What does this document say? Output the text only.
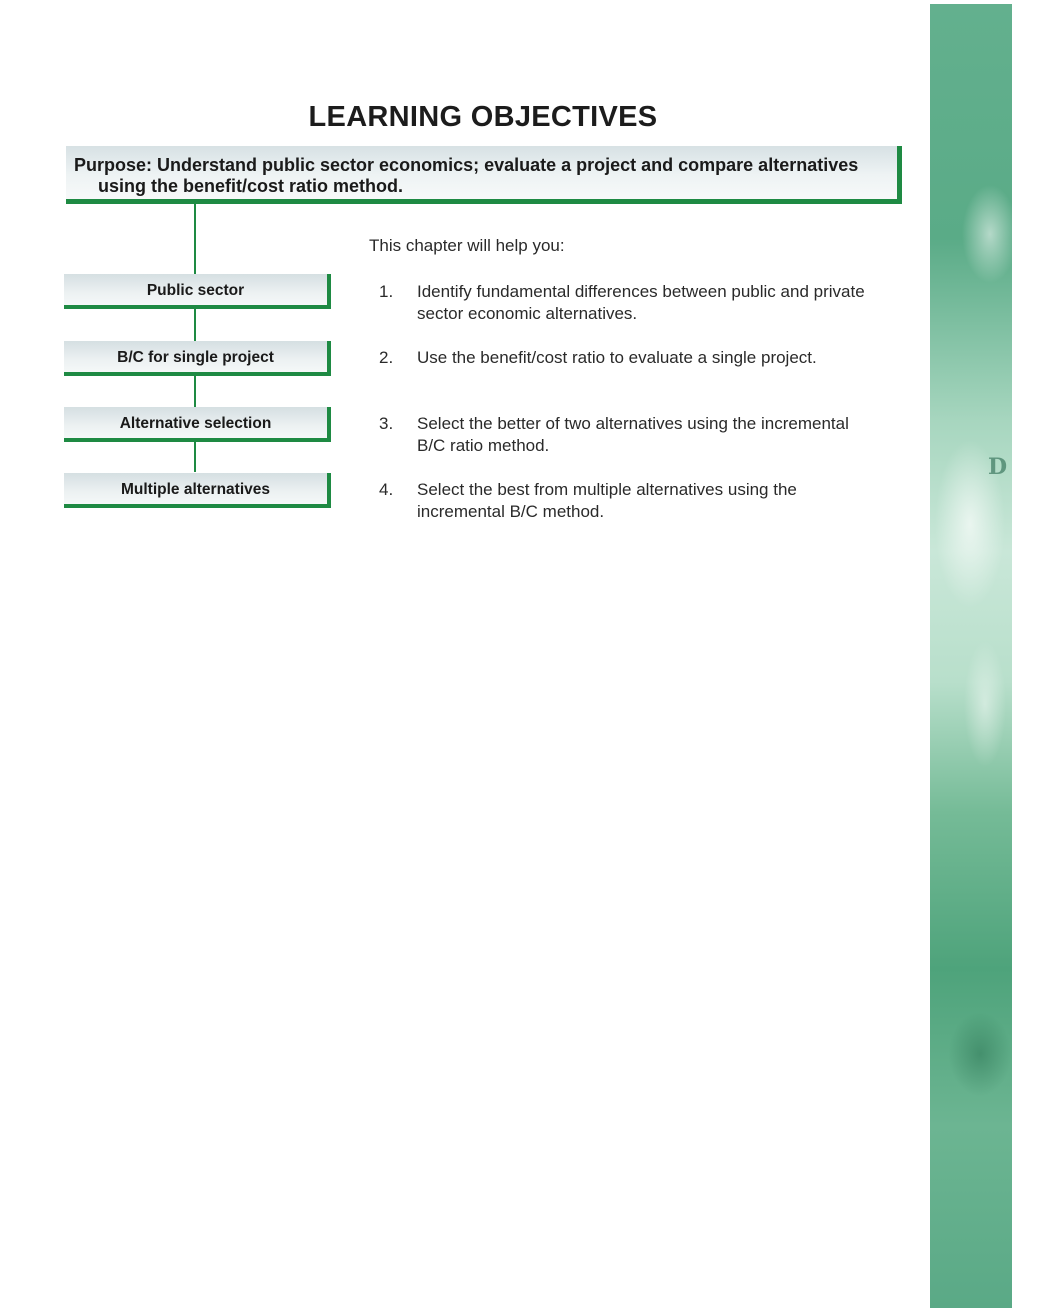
LEARNING OBJECTIVES
Purpose: Understand public sector economics; evaluate a project and compare alternatives
using the benefit/cost ratio method.
Public sector
B/C for single project
Alternative selection
Multiple alternatives
This chapter will help you:
1. Identify fundamental differences between public and private
sector economic alternatives.
2. Use the benefit/cost ratio to evaluate a single project.
3. Select the better of two alternatives using the incremental
B/C ratio method.
4. Select the best from multiple alternatives using the
incremental B/C method.
D
